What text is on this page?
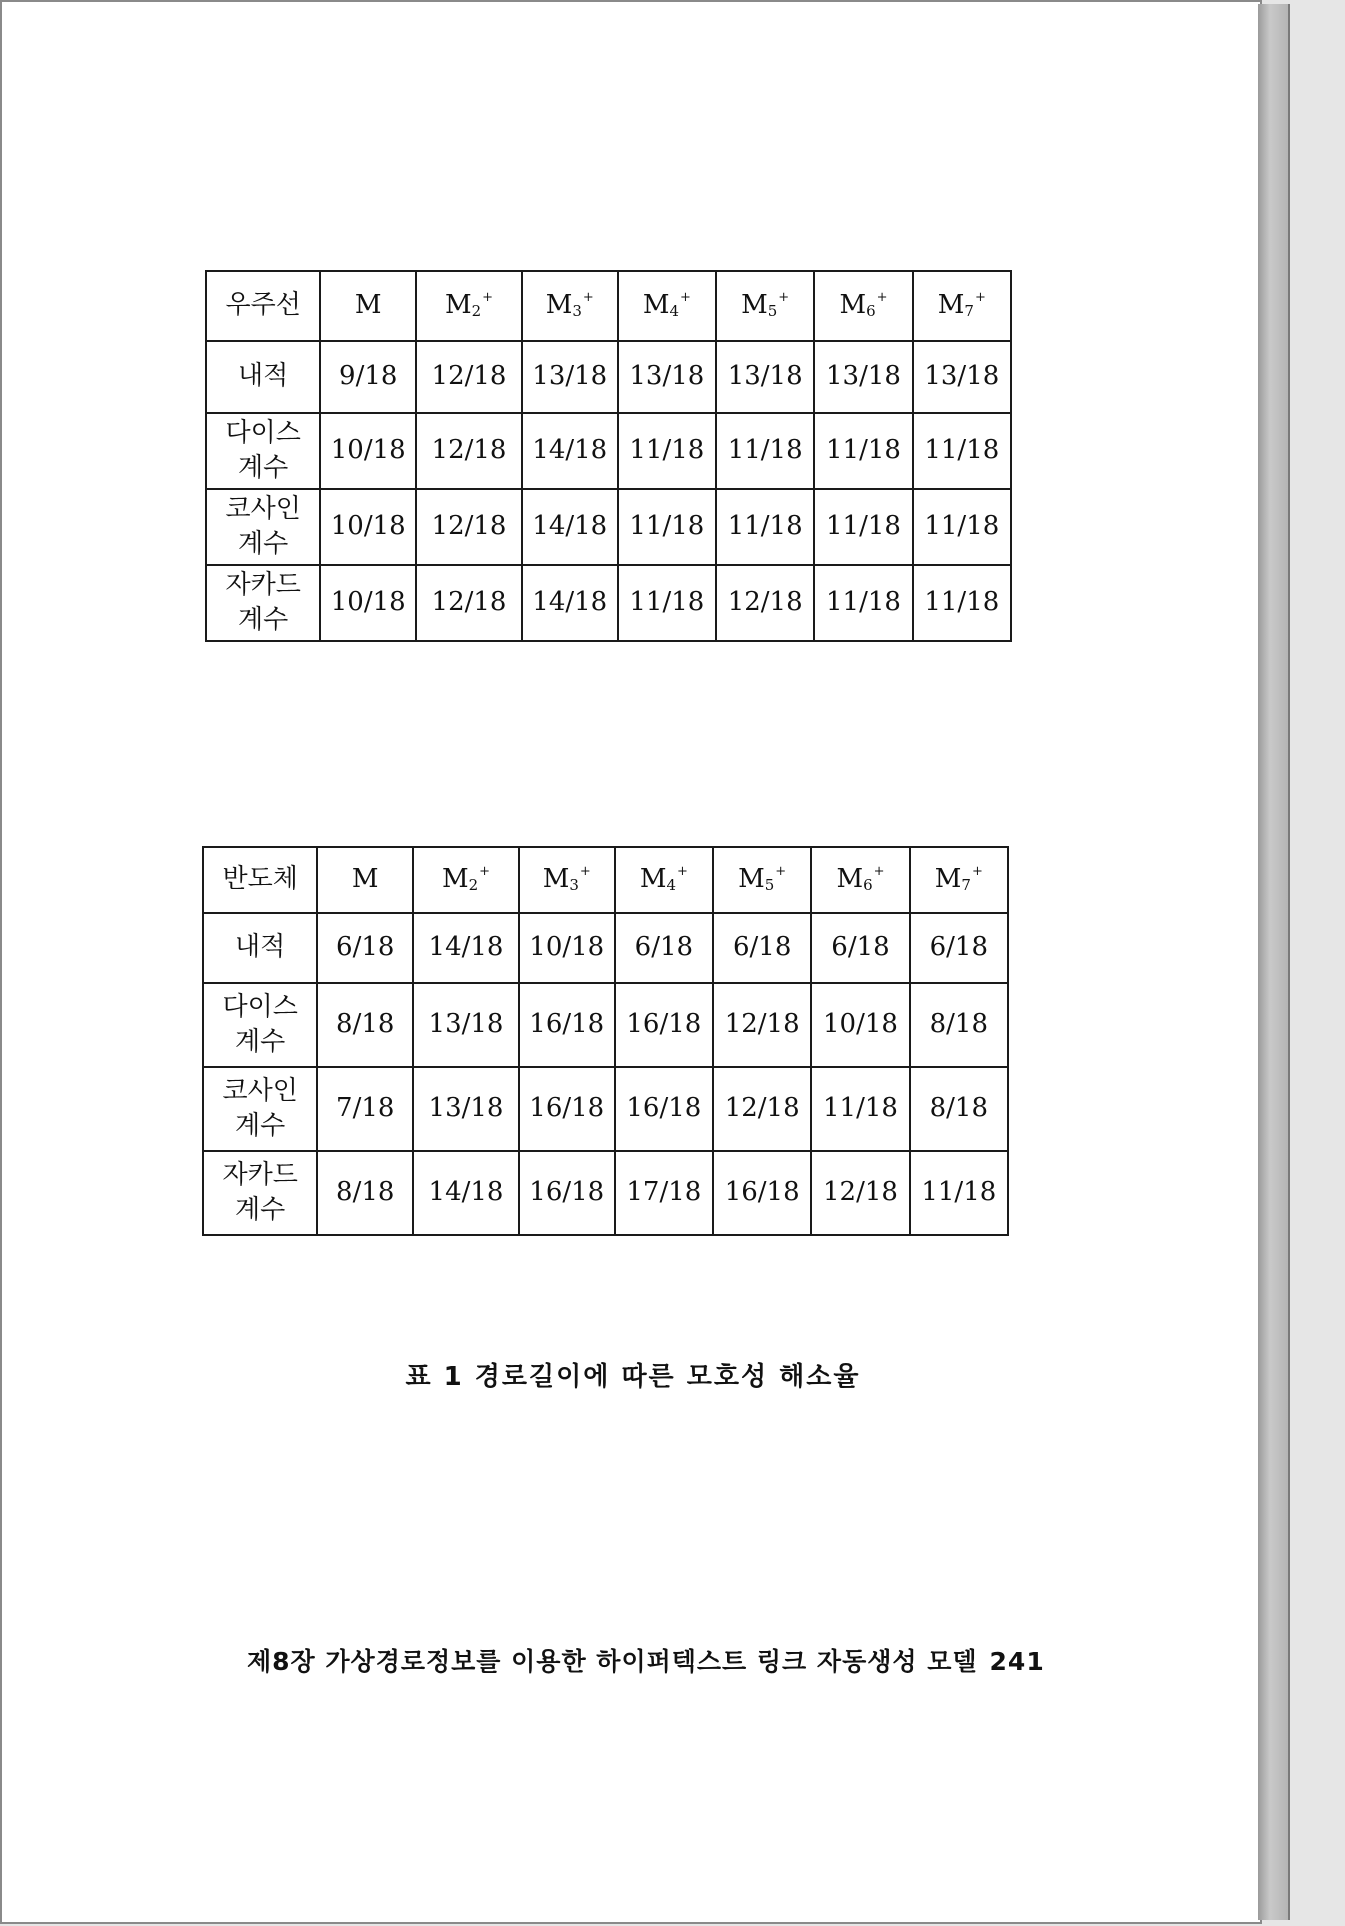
우주선	M	$M_2^+$	$M_3^+$	$M_4^+$	$M_5^+$	$M_6^+$	$M_7^+$

내적	9/18	12/18	13/18	13/18	13/18	13/18	13/18

다이스
계수	10/18	12/18	14/18	11/18	11/18	11/18	11/18

코사인
계수	10/18	12/18	14/18	11/18	11/18	11/18	11/18

자카드
계수	10/18	12/18	14/18	11/18	12/18	11/18	11/18
반도체	M	$M_2^+$	$M_3^+$	$M_4^+$	$M_5^+$	$M_6^+$	$M_7^+$

내적	6/18	14/18	10/18	6/18	6/18	6/18	6/18

다이스
계수	8/18	13/18	16/18	16/18	12/18	10/18	8/18

코사인
계수	7/18	13/18	16/18	16/18	12/18	11/18	8/18

자카드
계수	8/18	14/18	16/18	17/18	16/18	12/18	11/18
표 1 경로길이에 따른 모호성 해소율
제8장 가상경로정보를 이용한 하이퍼텍스트 링크 자동생성 모델 241
